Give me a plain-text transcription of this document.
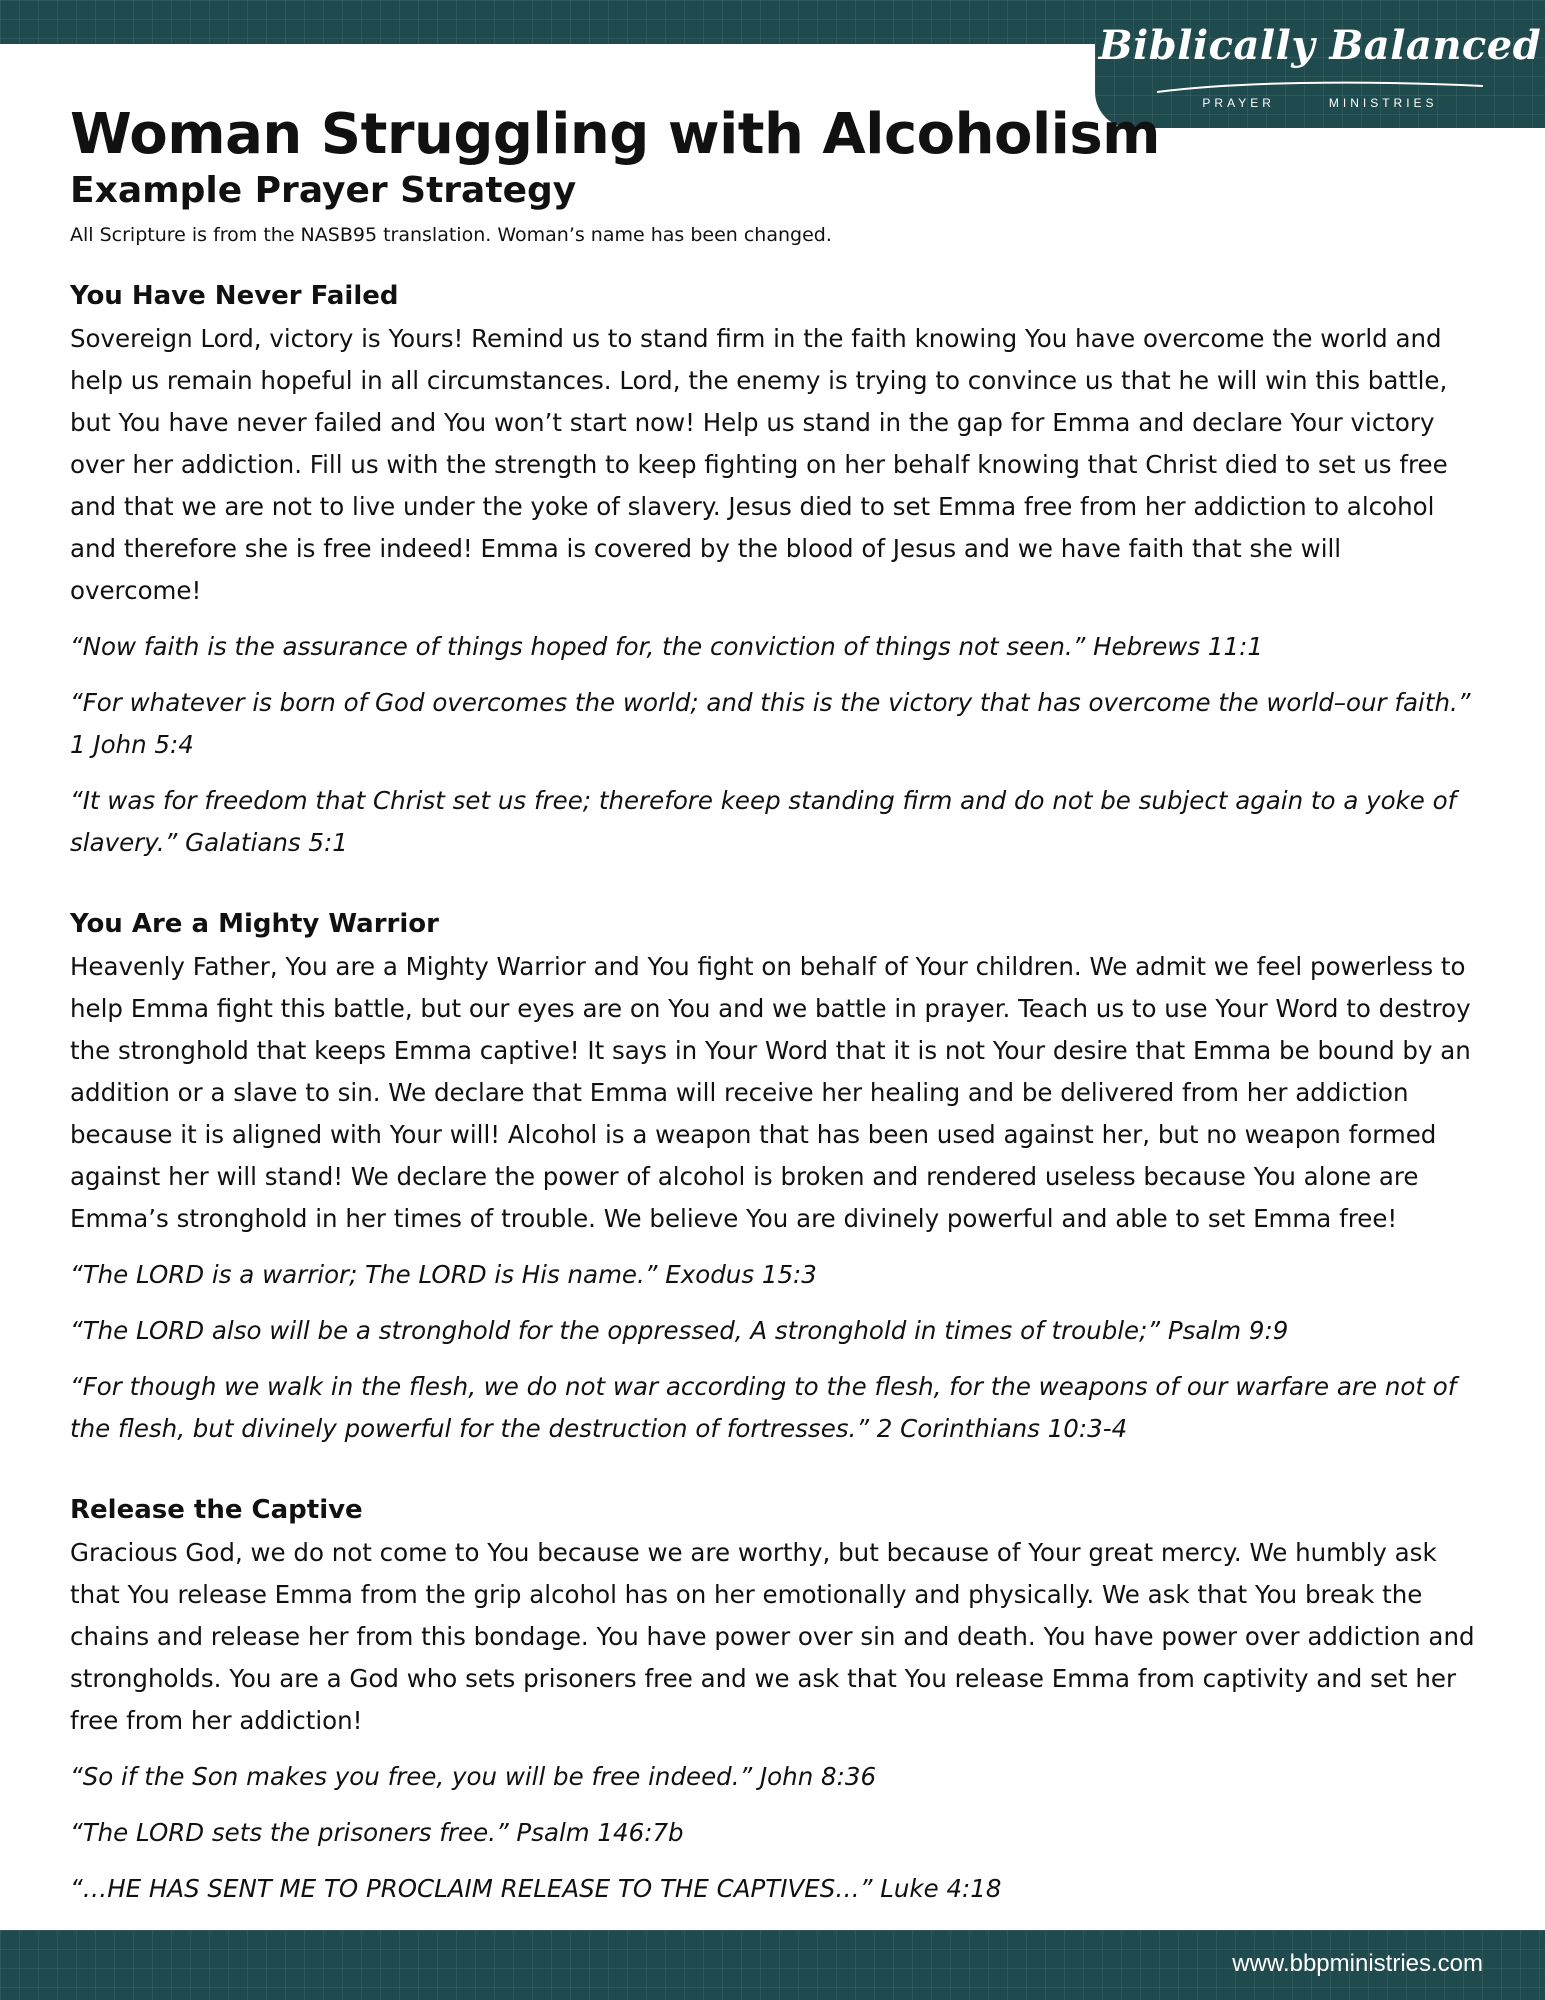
Biblically Balanced
PRAYER	MINISTRIES
Woman Struggling with Alcoholism
Example Prayer Strategy

All Scripture is from the NASB95 translation. Woman’s name has been changed.

You Have Never Failed

Sovereign Lord, victory is Yours! Remind us to stand firm in the faith knowing You have overcome the world and help us remain hopeful in all circumstances. Lord, the enemy is trying to convince us that he will win this battle, but You have never failed and You won’t start now! Help us stand in the gap for Emma and declare Your victory over her addiction. Fill us with the strength to keep fighting on her behalf knowing that Christ died to set us free and that we are not to live under the yoke of slavery. Jesus died to set Emma free from her addiction to alcohol and therefore she is free indeed! Emma is covered by the blood of Jesus and we have faith that she will overcome!

“Now faith is the assurance of things hoped for, the conviction of things not seen.” Hebrews 11:1

“For whatever is born of God overcomes the world; and this is the victory that has overcome the world–our faith.” 1 John 5:4

“It was for freedom that Christ set us free; therefore keep standing firm and do not be subject again to a yoke of slavery.” Galatians 5:1

You Are a Mighty Warrior

Heavenly Father, You are a Mighty Warrior and You fight on behalf of Your children. We admit we feel powerless to help Emma fight this battle, but our eyes are on You and we battle in prayer. Teach us to use Your Word to destroy the stronghold that keeps Emma captive! It says in Your Word that it is not Your desire that Emma be bound by an addition or a slave to sin. We declare that Emma will receive her healing and be delivered from her addiction because it is aligned with Your will! Alcohol is a weapon that has been used against her, but no weapon formed against her will stand! We declare the power of alcohol is broken and rendered useless because You alone are Emma’s stronghold in her times of trouble. We believe You are divinely powerful and able to set Emma free!

“The LORD is a warrior; The LORD is His name.” Exodus 15:3

“The LORD also will be a stronghold for the oppressed, A stronghold in times of trouble;” Psalm 9:9

“For though we walk in the flesh, we do not war according to the flesh, for the weapons of our warfare are not of the flesh, but divinely powerful for the destruction of fortresses.” 2 Corinthians 10:3-4

Release the Captive

Gracious God, we do not come to You because we are worthy, but because of Your great mercy. We humbly ask that You release Emma from the grip alcohol has on her emotionally and physically. We ask that You break the chains and release her from this bondage. You have power over sin and death. You have power over addiction and strongholds. You are a God who sets prisoners free and we ask that You release Emma from captivity and set her free from her addiction!

“So if the Son makes you free, you will be free indeed.” John 8:36

“The LORD sets the prisoners free.” Psalm 146:7b

“…HE HAS SENT ME TO PROCLAIM RELEASE TO THE CAPTIVES…” Luke 4:18

www.bbpministries.com
